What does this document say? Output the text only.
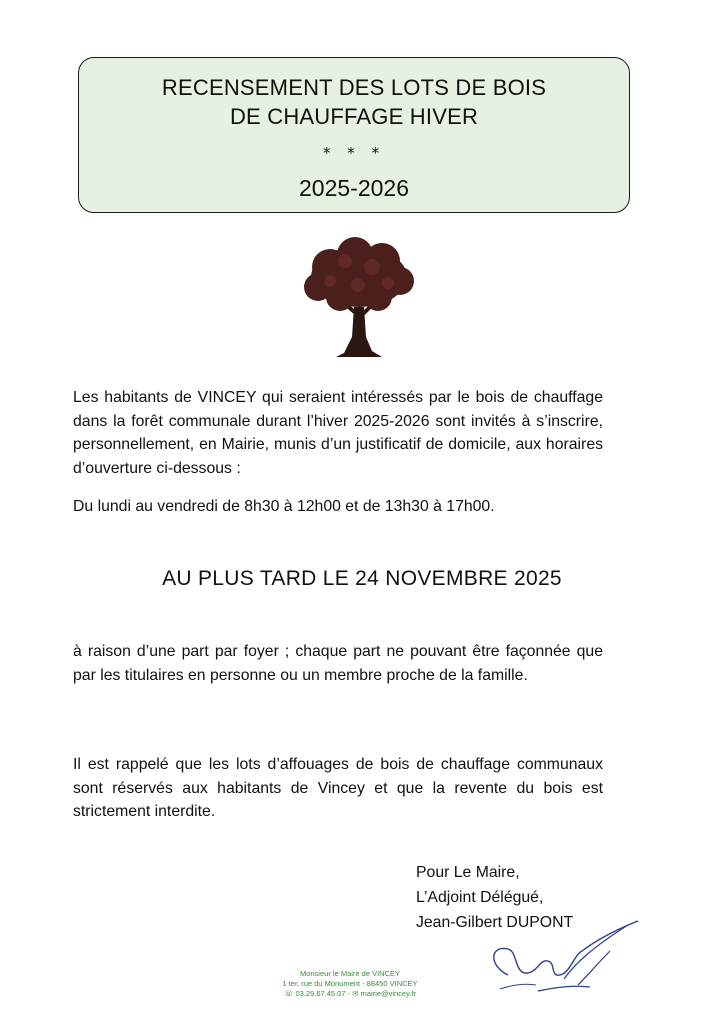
RECENSEMENT DES LOTS DE BOIS
DE CHAUFFAGE HIVER
* * *
2025-2026
Les habitants de VINCEY qui seraient intéressés par le bois de chauffage dans la forêt communale durant l’hiver 2025-2026 sont invités à s’inscrire, personnellement, en Mairie, munis d’un justificatif de domicile, aux horaires d’ouverture ci-dessous :
Du lundi au vendredi de 8h30 à 12h00 et de 13h30 à 17h00.
AU PLUS TARD LE 24 NOVEMBRE 2025
à raison d’une part par foyer ; chaque part ne pouvant être façonnée que par les titulaires en personne ou un membre proche de la famille.
Il est rappelé que les lots d’affouages de bois de chauffage communaux sont réservés aux habitants de Vincey et que la revente du bois est strictement interdite.
Pour Le Maire,
L’Adjoint Délégué,
Jean-Gilbert DUPONT
Monsieur le Maire de VINCEY
1 ter, rue du Monument - 88450 VINCEY
☏ 03.29.67.45.07 - ✉ mairie@vincey.fr
